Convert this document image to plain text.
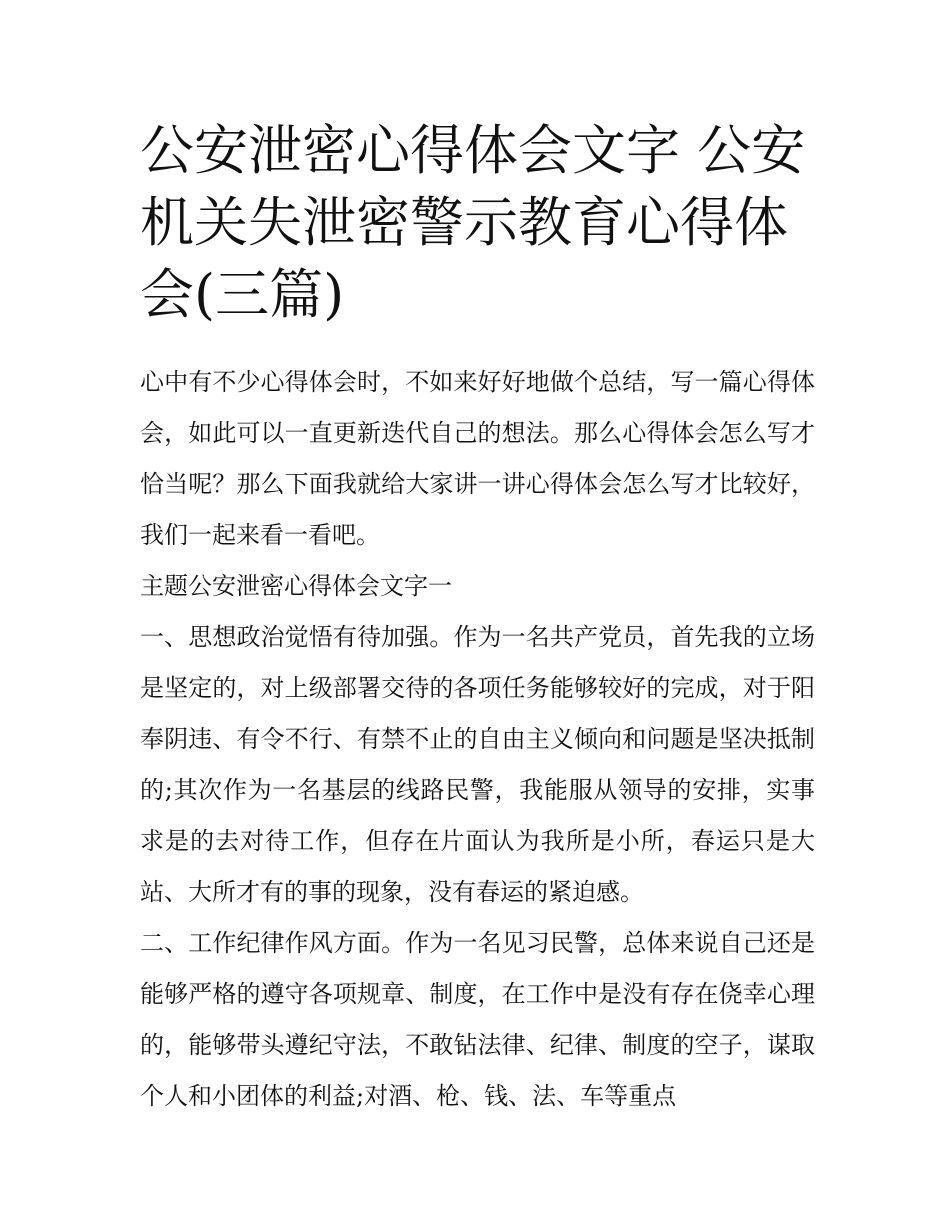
公安泄密心得体会文字 公安机关失泄密警示教育心得体会(三篇)

心中有不少心得体会时，不如来好好地做个总结，写一篇心得体会，如此可以一直更新迭代自己的想法。那么心得体会怎么写才恰当呢？那么下面我就给大家讲一讲心得体会怎么写才比较好，我们一起来看一看吧。

主题公安泄密心得体会文字一

一、思想政治觉悟有待加强。作为一名共产党员，首先我的立场是坚定的，对上级部署交待的各项任务能够较好的完成，对于阳奉阴违、有令不行、有禁不止的自由主义倾向和问题是坚决抵制的;其次作为一名基层的线路民警，我能服从领导的安排，实事求是的去对待工作，但存在片面认为我所是小所，春运只是大站、大所才有的事的现象，没有春运的紧迫感。

二、工作纪律作风方面。作为一名见习民警，总体来说自己还是能够严格的遵守各项规章、制度，在工作中是没有存在侥幸心理的，能够带头遵纪守法，不敢钻法律、纪律、制度的空子，谋取个人和小团体的利益;对酒、枪、钱、法、车等重点
